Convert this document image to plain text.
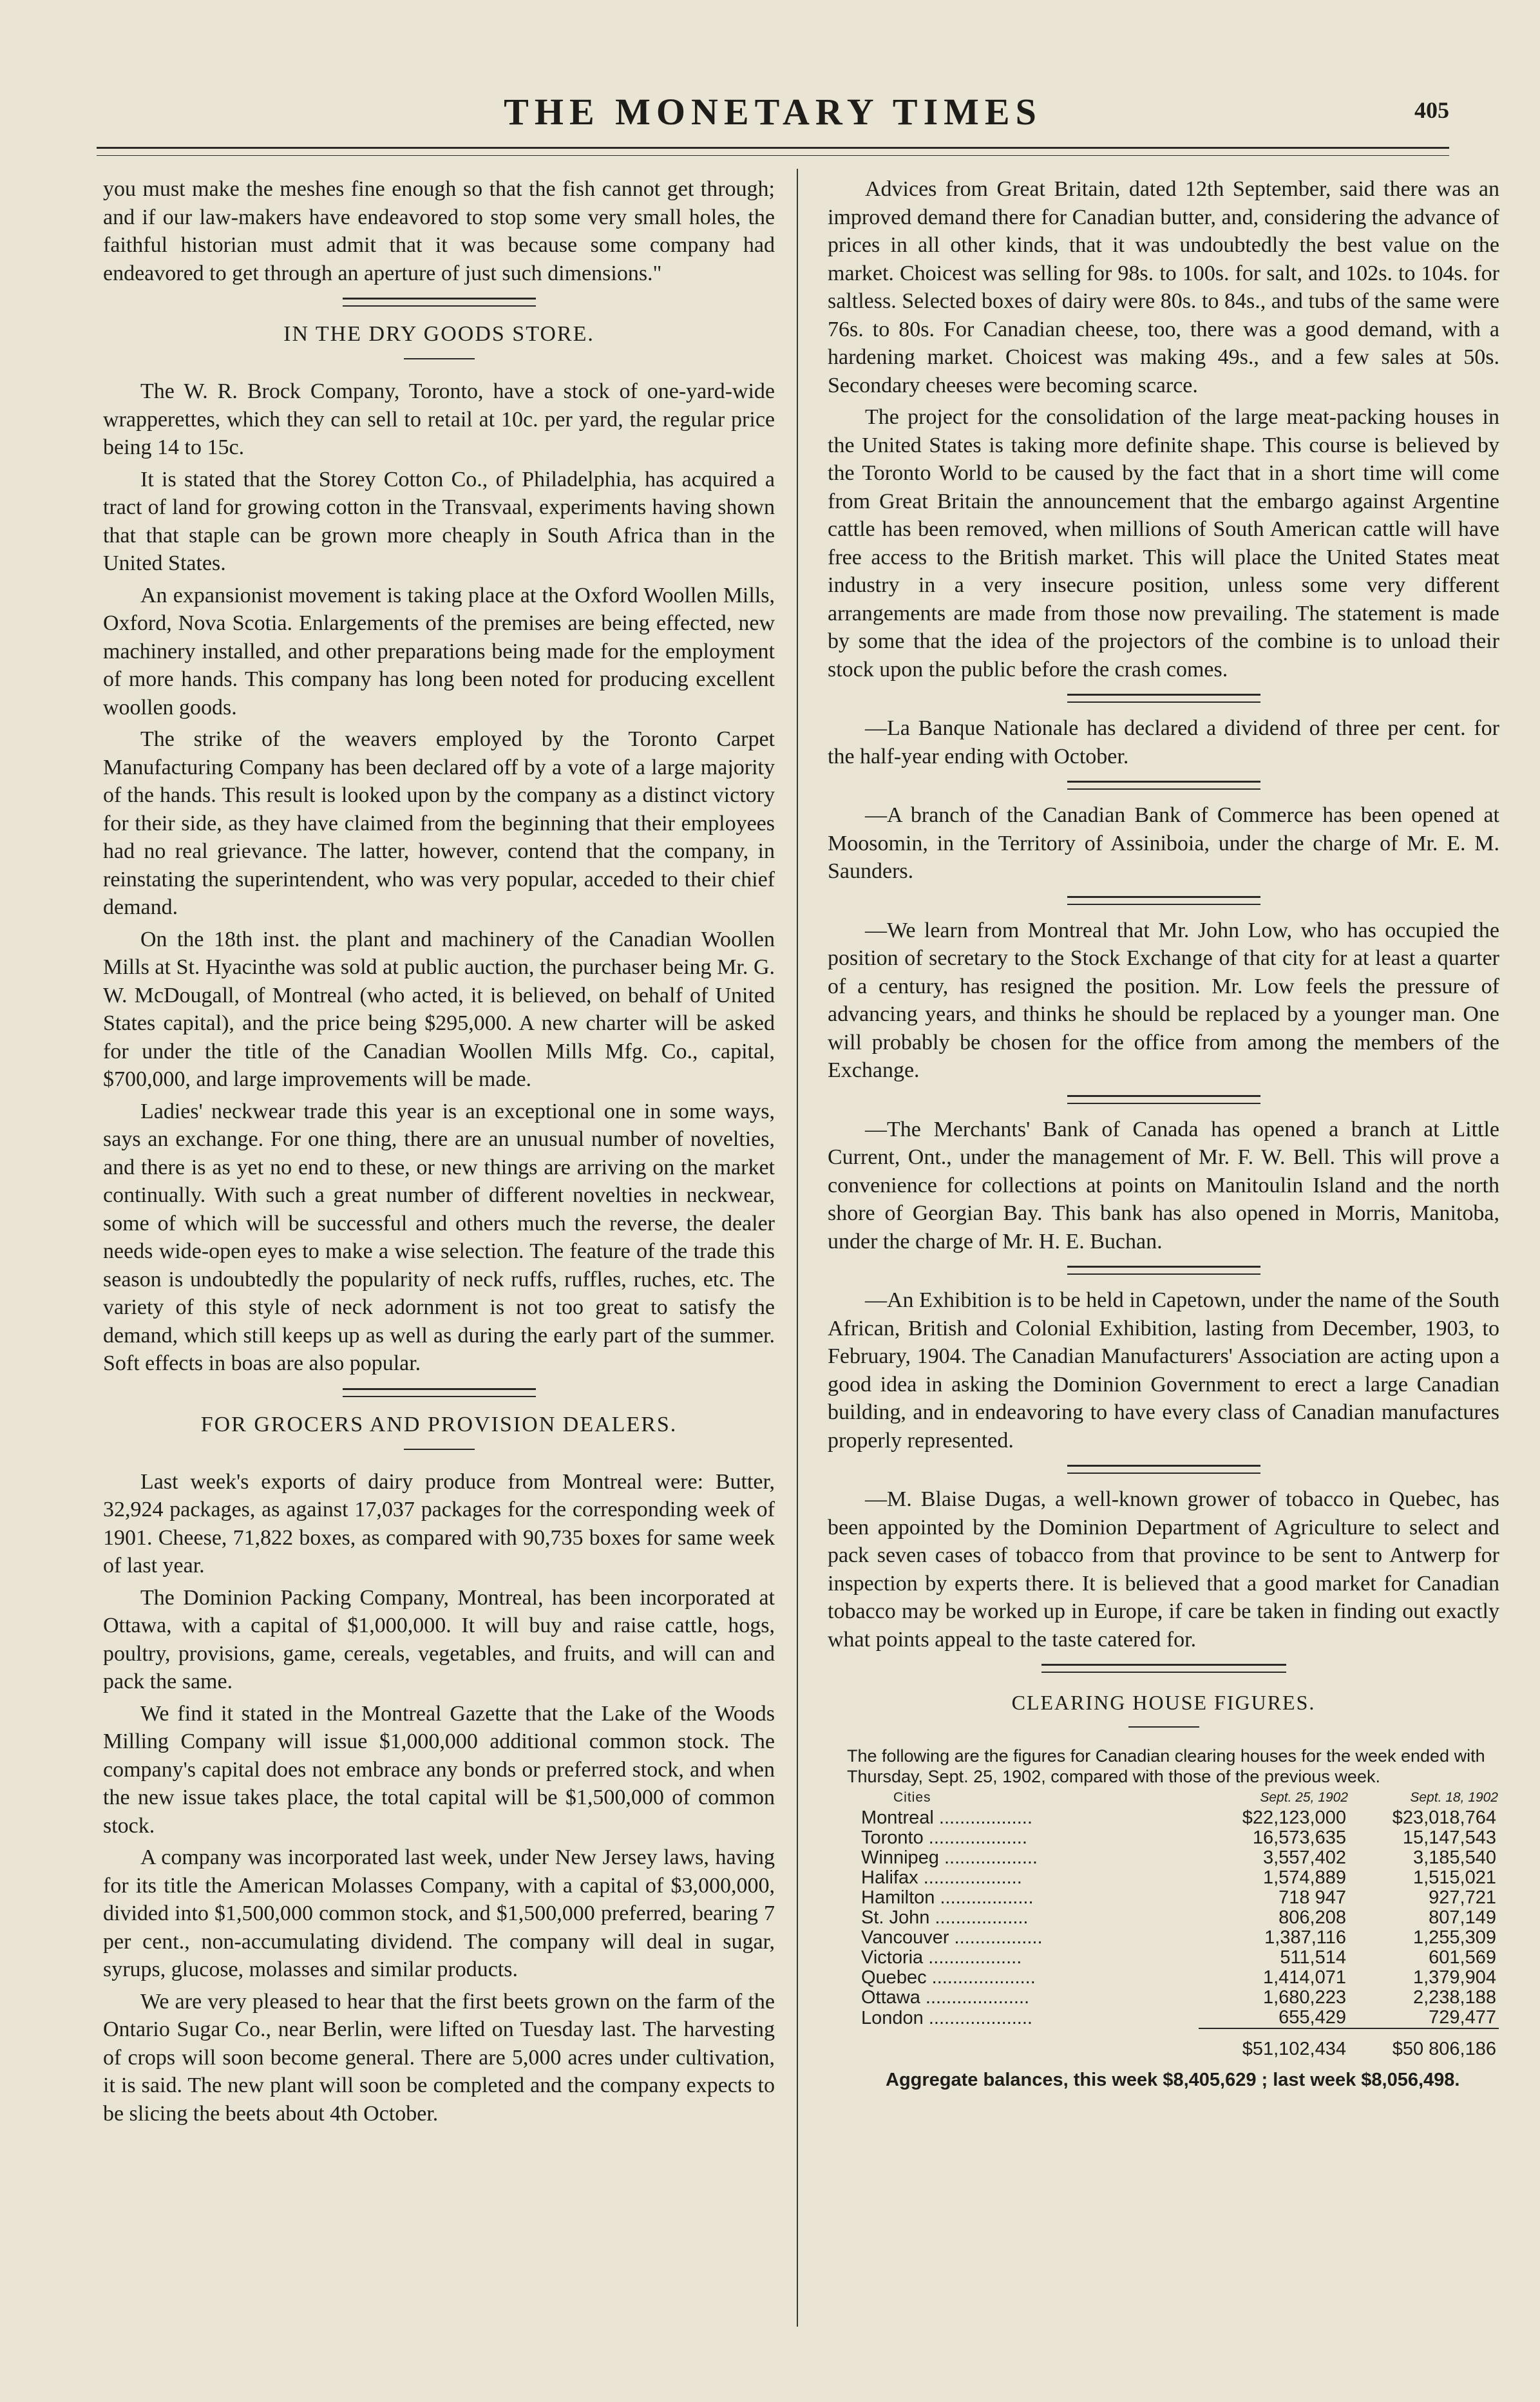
THE MONETARY TIMES	405

you must make the meshes fine enough so that the fish cannot get through; and if our law-makers have endeavored to stop some very small holes, the faithful historian must admit that it was because some company had endeavored to get through an aperture of just such dimensions."

IN THE DRY GOODS STORE.

The W. R. Brock Company, Toronto, have a stock of one-yard-wide wrapperettes, which they can sell to retail at 10c. per yard, the regular price being 14 to 15c.

It is stated that the Storey Cotton Co., of Philadelphia, has acquired a tract of land for growing cotton in the Transvaal, experiments having shown that that staple can be grown more cheaply in South Africa than in the United States.

An expansionist movement is taking place at the Oxford Woollen Mills, Oxford, Nova Scotia. Enlargements of the premises are being effected, new machinery installed, and other preparations being made for the employment of more hands. This company has long been noted for producing excellent woollen goods.

The strike of the weavers employed by the Toronto Carpet Manufacturing Company has been declared off by a vote of a large majority of the hands. This result is looked upon by the company as a distinct victory for their side, as they have claimed from the beginning that their employees had no real grievance. The latter, however, contend that the company, in reinstating the superintendent, who was very popular, acceded to their chief demand.

On the 18th inst. the plant and machinery of the Canadian Woollen Mills at St. Hyacinthe was sold at public auction, the purchaser being Mr. G. W. McDougall, of Montreal (who acted, it is believed, on behalf of United States capital), and the price being $295,000. A new charter will be asked for under the title of the Canadian Woollen Mills Mfg. Co., capital, $700,000, and large improvements will be made.

Ladies' neckwear trade this year is an exceptional one in some ways, says an exchange. For one thing, there are an unusual number of novelties, and there is as yet no end to these, or new things are arriving on the market continually. With such a great number of different novelties in neckwear, some of which will be successful and others much the reverse, the dealer needs wide-open eyes to make a wise selection. The feature of the trade this season is undoubtedly the popularity of neck ruffs, ruffles, ruches, etc. The variety of this style of neck adornment is not too great to satisfy the demand, which still keeps up as well as during the early part of the summer. Soft effects in boas are also popular.

FOR GROCERS AND PROVISION DEALERS.

Last week's exports of dairy produce from Montreal were: Butter, 32,924 packages, as against 17,037 packages for the corresponding week of 1901. Cheese, 71,822 boxes, as compared with 90,735 boxes for same week of last year.

The Dominion Packing Company, Montreal, has been incorporated at Ottawa, with a capital of $1,000,000. It will buy and raise cattle, hogs, poultry, provisions, game, cereals, vegetables, and fruits, and will can and pack the same.

We find it stated in the Montreal Gazette that the Lake of the Woods Milling Company will issue $1,000,000 additional common stock. The company's capital does not embrace any bonds or preferred stock, and when the new issue takes place, the total capital will be $1,500,000 of common stock.

A company was incorporated last week, under New Jersey laws, having for its title the American Molasses Company, with a capital of $3,000,000, divided into $1,500,000 common stock, and $1,500,000 preferred, bearing 7 per cent., non-accumulating dividend. The company will deal in sugar, syrups, glucose, molasses and similar products.

We are very pleased to hear that the first beets grown on the farm of the Ontario Sugar Co., near Berlin, were lifted on Tuesday last. The harvesting of crops will soon become general. There are 5,000 acres under cultivation, it is said. The new plant will soon be completed and the company expects to be slicing the beets about 4th October.

Advices from Great Britain, dated 12th September, said there was an improved demand there for Canadian butter, and, considering the advance of prices in all other kinds, that it was undoubtedly the best value on the market. Choicest was selling for 98s. to 100s. for salt, and 102s. to 104s. for saltless. Selected boxes of dairy were 80s. to 84s., and tubs of the same were 76s. to 80s. For Canadian cheese, too, there was a good demand, with a hardening market. Choicest was making 49s., and a few sales at 50s. Secondary cheeses were becoming scarce.

The project for the consolidation of the large meat-packing houses in the United States is taking more definite shape. This course is believed by the Toronto World to be caused by the fact that in a short time will come from Great Britain the announcement that the embargo against Argentine cattle has been removed, when millions of South American cattle will have free access to the British market. This will place the United States meat industry in a very insecure position, unless some very different arrangements are made from those now prevailing. The statement is made by some that the idea of the projectors of the combine is to unload their stock upon the public before the crash comes.

—La Banque Nationale has declared a dividend of three per cent. for the half-year ending with October.

—A branch of the Canadian Bank of Commerce has been opened at Moosomin, in the Territory of Assiniboia, under the charge of Mr. E. M. Saunders.

—We learn from Montreal that Mr. John Low, who has occupied the position of secretary to the Stock Exchange of that city for at least a quarter of a century, has resigned the position. Mr. Low feels the pressure of advancing years, and thinks he should be replaced by a younger man. One will probably be chosen for the office from among the members of the Exchange.

—The Merchants' Bank of Canada has opened a branch at Little Current, Ont., under the management of Mr. F. W. Bell. This will prove a convenience for collections at points on Manitoulin Island and the north shore of Georgian Bay. This bank has also opened in Morris, Manitoba, under the charge of Mr. H. E. Buchan.

—An Exhibition is to be held in Capetown, under the name of the South African, British and Colonial Exhibition, lasting from December, 1903, to February, 1904. The Canadian Manufacturers' Association are acting upon a good idea in asking the Dominion Government to erect a large Canadian building, and in endeavoring to have every class of Canadian manufactures properly represented.

—M. Blaise Dugas, a well-known grower of tobacco in Quebec, has been appointed by the Dominion Department of Agriculture to select and pack seven cases of tobacco from that province to be sent to Antwerp for inspection by experts there. It is believed that a good market for Canadian tobacco may be worked up in Europe, if care be taken in finding out exactly what points appeal to the taste catered for.

CLEARING HOUSE FIGURES.
The following are the figures for Canadian clearing houses for the week ended with Thursday, Sept. 25, 1902, compared with those of the previous week.
Cities	Sept. 25, 1902	Sept. 18, 1902
Montreal ..................	$22,123,000	$23,018,764
Toronto ...................	16,573,635	15,147,543
Winnipeg ..................	3,557,402	3,185,540
Halifax ...................	1,574,889	1,515,021
Hamilton ..................	718 947	927,721
St. John ..................	806,208	807,149
Vancouver .................	1,387,116	1,255,309
Victoria ..................	511,514	601,569
Quebec ....................	1,414,071	1,379,904
Ottawa ....................	1,680,223	2,238,188
London ....................	655,429	729,477
	$51,102,434	$50 806,186
Aggregate balances, this week $8,405,629 ; last week $8,056,498.
